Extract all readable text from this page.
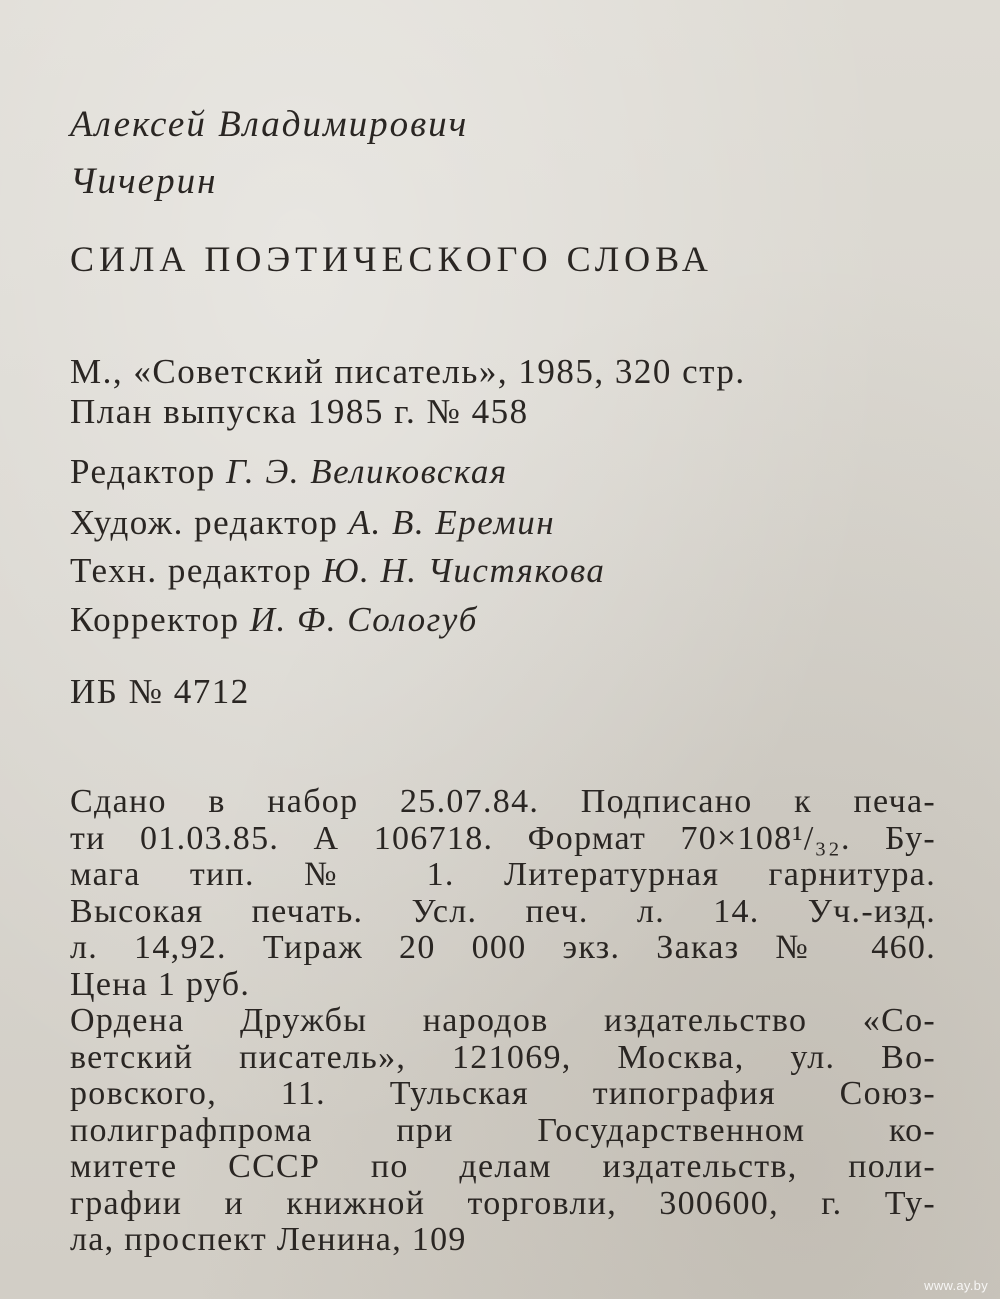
Алексей Владимирович
Чичерин
СИЛА ПОЭТИЧЕСКОГО СЛОВА
М., «Советский писатель», 1985, 320 стр.
План выпуска 1985 г. № 458
Редактор Г. Э. Великовская
Худож. редактор А. В. Еремин
Техн. редактор Ю. Н. Чистякова
Корректор И. Ф. Сологуб
ИБ № 4712
Сдано в набор 25.07.84. Подписано к печа-
ти 01.03.85. А 106718. Формат 70×108¹/₃₂. Бу-
мага тип. № 1. Литературная гарнитура.
Высокая печать. Усл. печ. л. 14. Уч.-изд.
л. 14,92. Тираж 20 000 экз. Заказ № 460.
Цена 1 руб.
Ордена Дружбы народов издательство «Со-
ветский писатель», 121069, Москва, ул. Во-
ровского, 11. Тульская типография Союз-
полиграфпрома при Государственном ко-
митете СССР по делам издательств, поли-
графии и книжной торговли, 300600, г. Ту-
ла, проспект Ленина, 109
www.ay.by
